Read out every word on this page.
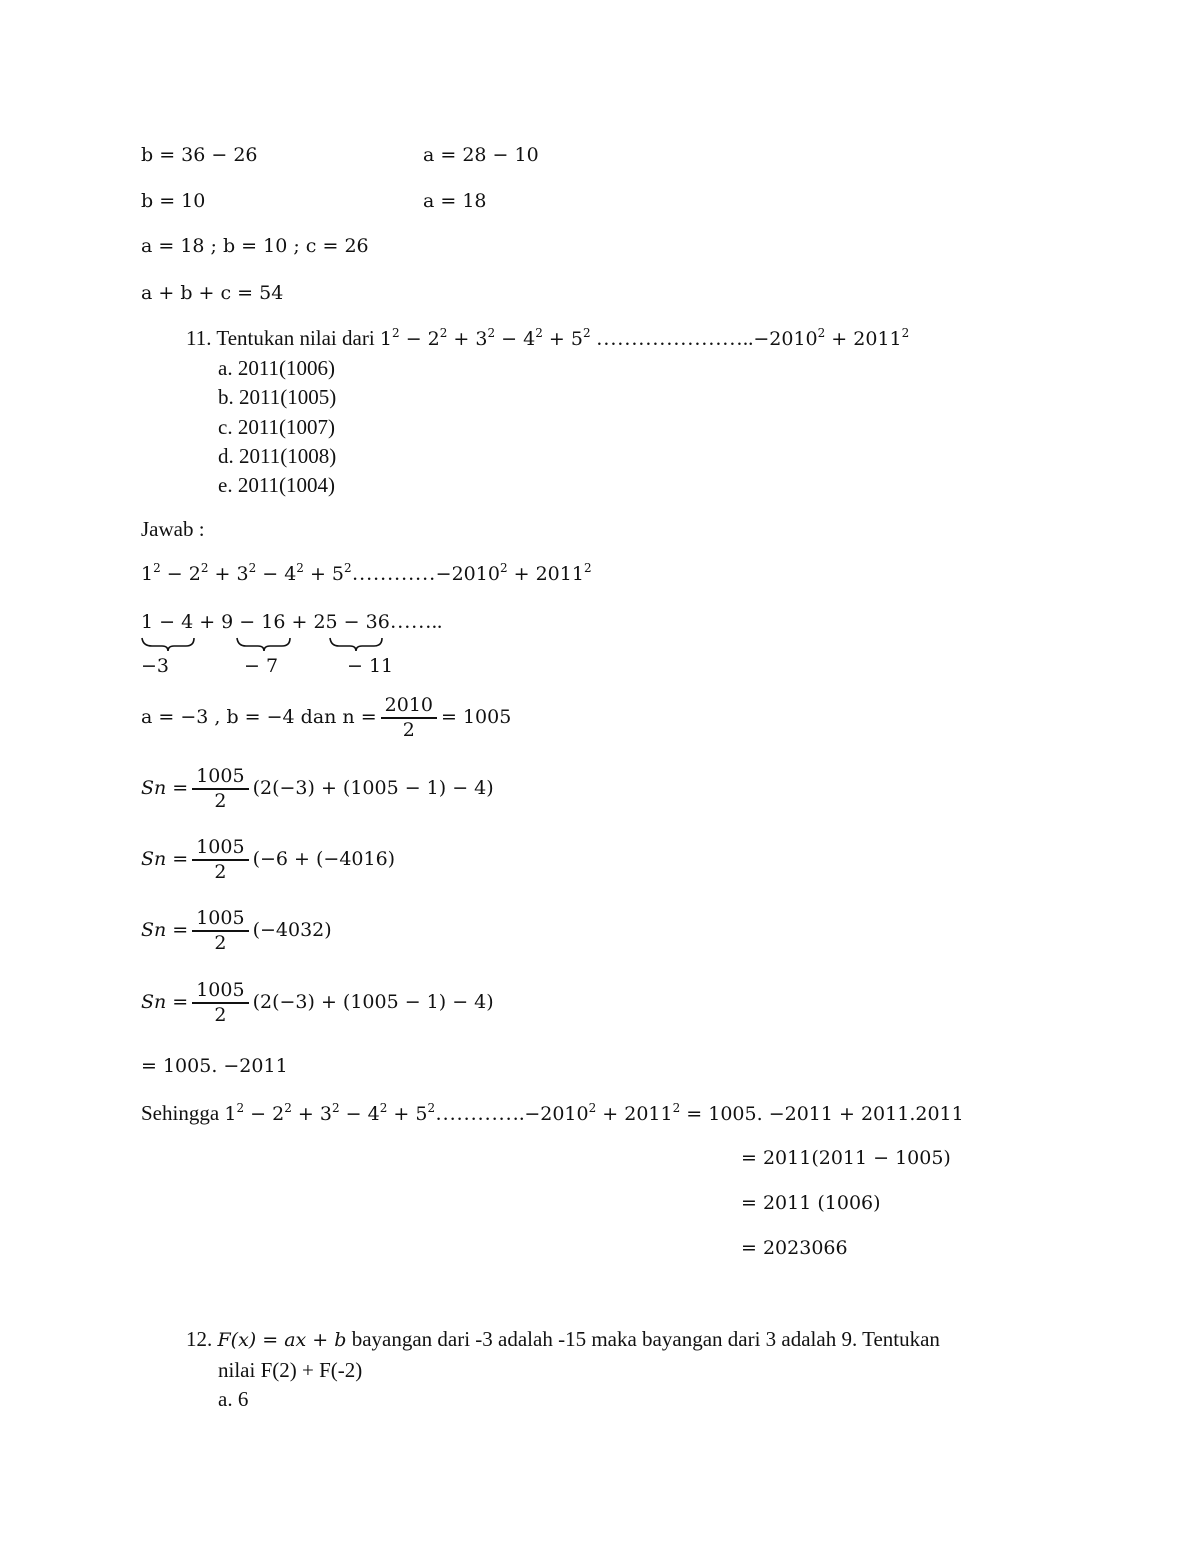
b = 36 − 26	a = 28 − 10
b = 10	a = 18
a = 18 ; b = 10 ; c = 26
a + b + c = 54
11. Tentukan nilai dari $1^2 - 2^2 + 3^2 - 4^2 + 5^2$ $\dots\dots\dots\dots\dots\dots\dots..-2010^2 + 2011^2$
a. 2011(1006)
b. 2011(1005)
c. 2011(1007)
d. 2011(1008)
e. 2011(1004)
Jawab :
$1^2 - 2^2 + 3^2 - 4^2$ + $5^2\dots\dots\dots\dots-2010^2 + 2011^2$
1 − 4 + 9 − 16 + 25 − 36……..
−3	− 7	− 11
a = −3 , b = −4 dan $n = \frac{2010}{2} = 1005$
$Sn = \frac{1005}{2} (2(-3) + (1005 - 1) - 4)$
$Sn = \frac{1005}{2} (-6 + (-4016)$
$Sn = \frac{1005}{2} (-4032)$
$Sn = \frac{1005}{2} (2(-3) + (1005 - 1) - 4)$
= 1005. −2011
Sehingga $1^2 - 2^2 + 3^2 - 4^2$ + $5^2\dots\dots\dots\dots.-2010^2 + 2011^2 = 1005$. −2011 + 2011.2011
= 2011(2011 − 1005)
= 2011 (1006)
= 2023066
12. F(x) = ax + b bayangan dari -3 adalah -15 maka bayangan dari 3 adalah 9. Tentukan
nilai F(2) + F(-2)
a. 6
